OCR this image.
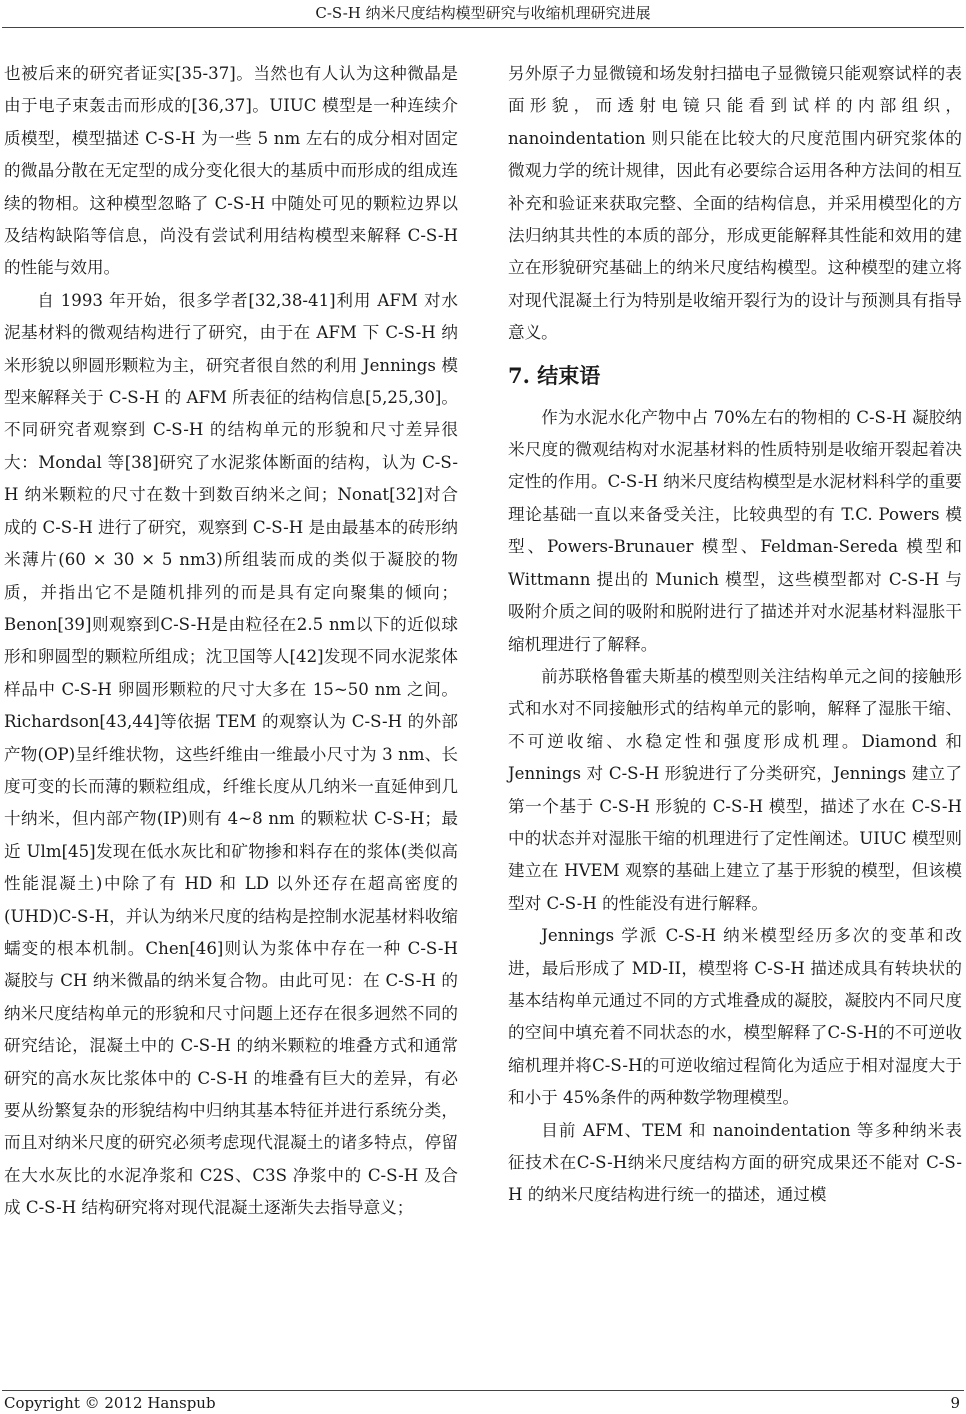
C-S-H 纳米尺度结构模型研究与收缩机理研究进展

也被后来的研究者证实[35-37]。当然也有人认为这种微晶是由于电子束轰击而形成的[36,37]。UIUC 模型是一种连续介质模型，模型描述 C-S-H 为一些 5 nm 左右的成分相对固定的微晶分散在无定型的成分变化很大的基质中而形成的组成连续的物相。这种模型忽略了 C-S-H 中随处可见的颗粒边界以及结构缺陷等信息，尚没有尝试利用结构模型来解释 C-S-H 的性能与效用。

自 1993 年开始，很多学者[32,38-41]利用 AFM 对水泥基材料的微观结构进行了研究，由于在 AFM 下 C-S-H 纳米形貌以卵圆形颗粒为主，研究者很自然的利用 Jennings 模型来解释关于 C-S-H 的 AFM 所表征的结构信息[5,25,30]。不同研究者观察到 C-S-H 的结构单元的形貌和尺寸差异很大：Mondal 等[38]研究了水泥浆体断面的结构，认为 C-S-H 纳米颗粒的尺寸在数十到数百纳米之间；Nonat[32]对合成的 C-S-H 进行了研究，观察到 C-S-H 是由最基本的砖形纳米薄片(60 × 30 × 5 nm3)所组装而成的类似于凝胶的物质，并指出它不是随机排列的而是具有定向聚集的倾向；Benon[39]则观察到C-S-H是由粒径在2.5 nm以下的近似球形和卵圆型的颗粒所组成；沈卫国等人[42]发现不同水泥浆体样品中 C-S-H 卵圆形颗粒的尺寸大多在 15~50 nm 之间。Richardson[43,44]等依据 TEM 的观察认为 C-S-H 的外部产物(OP)呈纤维状物，这些纤维由一维最小尺寸为 3 nm、长度可变的长而薄的颗粒组成，纤维长度从几纳米一直延伸到几十纳米，但内部产物(IP)则有 4~8 nm 的颗粒状 C-S-H；最近 Ulm[45]发现在低水灰比和矿物掺和料存在的浆体(类似高性能混凝土)中除了有 HD 和 LD 以外还存在超高密度的(UHD)C-S-H，并认为纳米尺度的结构是控制水泥基材料收缩蠕变的根本机制。Chen[46]则认为浆体中存在一种 C-S-H 凝胶与 CH 纳米微晶的纳米复合物。由此可见：在 C-S-H 的纳米尺度结构单元的形貌和尺寸问题上还存在很多迥然不同的研究结论，混凝土中的 C-S-H 的纳米颗粒的堆叠方式和通常研究的高水灰比浆体中的 C-S-H 的堆叠有巨大的差异，有必要从纷繁复杂的形貌结构中归纳其基本特征并进行系统分类，而且对纳米尺度的研究必须考虑现代混凝土的诸多特点，停留在大水灰比的水泥净浆和 C2S、C3S 净浆中的 C-S-H 及合成 C-S-H 结构研究将对现代混凝土逐渐失去指导意义；

另外原子力显微镜和场发射扫描电子显微镜只能观察试样的表面形貌，而透射电镜只能看到试样的内部组织，nanoindentation 则只能在比较大的尺度范围内研究浆体的微观力学的统计规律，因此有必要综合运用各种方法间的相互补充和验证来获取完整、全面的结构信息，并采用模型化的方法归纳其共性的本质的部分，形成更能解释其性能和效用的建立在形貌研究基础上的纳米尺度结构模型。这种模型的建立将对现代混凝土行为特别是收缩开裂行为的设计与预测具有指导意义。

7. 结束语

作为水泥水化产物中占 70%左右的物相的 C-S-H 凝胶纳米尺度的微观结构对水泥基材料的性质特别是收缩开裂起着决定性的作用。C-S-H 纳米尺度结构模型是水泥材料科学的重要理论基础一直以来备受关注，比较典型的有 T.C. Powers 模型、Powers-Brunauer 模型、Feldman-Sereda 模型和 Wittmann 提出的 Munich 模型，这些模型都对 C-S-H 与吸附介质之间的吸附和脱附进行了描述并对水泥基材料湿胀干缩机理进行了解释。

前苏联格鲁霍夫斯基的模型则关注结构单元之间的接触形式和水对不同接触形式的结构单元的影响，解释了湿胀干缩、不可逆收缩、水稳定性和强度形成机理。Diamond 和 Jennings 对 C-S-H 形貌进行了分类研究，Jennings 建立了第一个基于 C-S-H 形貌的 C-S-H 模型，描述了水在 C-S-H 中的状态并对湿胀干缩的机理进行了定性阐述。UIUC 模型则建立在 HVEM 观察的基础上建立了基于形貌的模型，但该模型对 C-S-H 的性能没有进行解释。

Jennings 学派 C-S-H 纳米模型经历多次的变革和改进，最后形成了 MD-II，模型将 C-S-H 描述成具有转块状的基本结构单元通过不同的方式堆叠成的凝胶，凝胶内不同尺度的空间中填充着不同状态的水，模型解释了C-S-H的不可逆收缩机理并将C-S-H的可逆收缩过程简化为适应于相对湿度大于和小于 45%条件的两种数学物理模型。

目前 AFM、TEM 和 nanoindentation 等多种纳米表征技术在C-S-H纳米尺度结构方面的研究成果还不能对 C-S-H 的纳米尺度结构进行统一的描述，通过模

Copyright © 2012 Hanspub	9
